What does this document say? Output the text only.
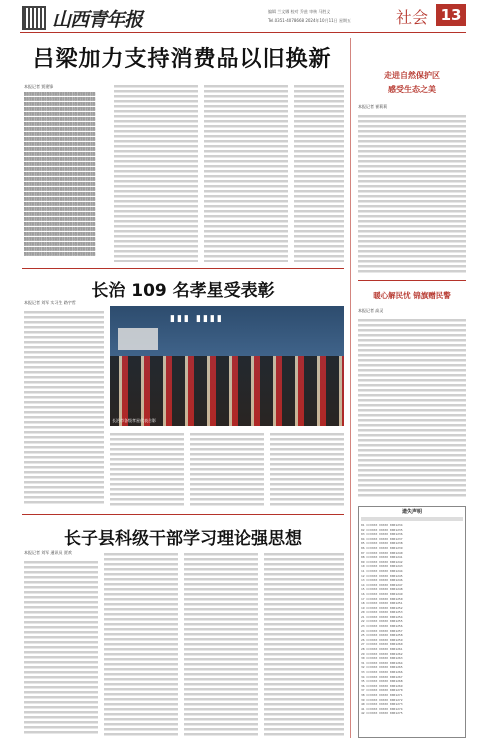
山西青年报	编辑 兰文娜 校对 乔兹 审核 马胜义
Tel.0351-4078668 2024年10月11日 星期五	社会 13
吕梁加力支持消费品以旧换新
本报记者 贾建锋
▒▒▒▒▒▒▒▒▒▒▒▒▒▒▒▒▒▒▒▒▒▒▒▒▒▒▒▒
▒▒▒▒▒▒▒▒▒▒▒▒▒▒▒▒▒▒▒▒▒▒▒▒▒▒▒▒
▒▒▒▒▒▒▒▒▒▒▒▒▒▒▒▒▒▒▒▒▒▒▒▒▒▒▒▒
▒▒▒▒▒▒▒▒▒▒▒▒▒▒▒▒▒▒▒▒▒▒▒▒▒▒▒▒
▒▒▒▒▒▒▒▒▒▒▒▒▒▒▒▒▒▒▒▒▒▒▒▒▒▒▒▒
▒▒▒▒▒▒▒▒▒▒▒▒▒▒▒▒▒▒▒▒▒▒▒▒▒▒▒▒
▒▒▒▒▒▒▒▒▒▒▒▒▒▒▒▒▒▒▒▒▒▒▒▒▒▒▒▒
▒▒▒▒▒▒▒▒▒▒▒▒▒▒▒▒▒▒▒▒▒▒▒▒▒▒▒▒
▒▒▒▒▒▒▒▒▒▒▒▒▒▒▒▒▒▒▒▒▒▒▒▒▒▒▒▒
▒▒▒▒▒▒▒▒▒▒▒▒▒▒▒▒▒▒▒▒▒▒▒▒▒▒▒▒
▒▒▒▒▒▒▒▒▒▒▒▒▒▒▒▒▒▒▒▒▒▒▒▒▒▒▒▒
▒▒▒▒▒▒▒▒▒▒▒▒▒▒▒▒▒▒▒▒▒▒▒▒▒▒▒▒
▒▒▒▒▒▒▒▒▒▒▒▒▒▒▒▒▒▒▒▒▒▒▒▒▒▒▒▒
▒▒▒▒▒▒▒▒▒▒▒▒▒▒▒▒▒▒▒▒▒▒▒▒▒▒▒▒
▒▒▒▒▒▒▒▒▒▒▒▒▒▒▒▒▒▒▒▒▒▒▒▒▒▒▒▒
▒▒▒▒▒▒▒▒▒▒▒▒▒▒▒▒▒▒▒▒▒▒▒▒▒▒▒▒
▒▒▒▒▒▒▒▒▒▒▒▒▒▒▒▒▒▒▒▒▒▒▒▒▒▒▒▒
▒▒▒▒▒▒▒▒▒▒▒▒▒▒▒▒▒▒▒▒▒▒▒▒▒▒▒▒
▒▒▒▒▒▒▒▒▒▒▒▒▒▒▒▒▒▒▒▒▒▒▒▒▒▒▒▒
▒▒▒▒▒▒▒▒▒▒▒▒▒▒▒▒▒▒▒▒▒▒▒▒▒▒▒▒
▒▒▒▒▒▒▒▒▒▒▒▒▒▒▒▒▒▒▒▒▒▒▒▒▒▒▒▒
▒▒▒▒▒▒▒▒▒▒▒▒▒▒▒▒▒▒▒▒▒▒▒▒▒▒▒▒
▒▒▒▒▒▒▒▒▒▒▒▒▒▒▒▒▒▒▒▒▒▒▒▒▒▒▒▒
▒▒▒▒▒▒▒▒▒▒▒▒▒▒▒▒▒▒▒▒▒▒▒▒▒▒▒▒
▒▒▒▒▒▒▒▒▒▒▒▒▒▒▒▒▒▒▒▒▒▒▒▒▒▒▒▒
▒▒▒▒▒▒▒▒▒▒▒▒▒▒▒▒▒▒▒▒▒▒▒▒▒▒▒▒
▒▒▒▒▒▒▒▒▒▒▒▒▒▒▒▒▒▒▒▒▒▒▒▒▒▒▒▒
▒▒▒▒▒▒▒▒▒▒▒▒▒▒▒▒▒▒▒▒▒▒▒▒▒▒▒▒
▒▒▒▒▒▒▒▒▒▒▒▒▒▒▒▒▒▒▒▒▒▒▒▒▒▒▒▒
▒▒▒▒▒▒▒▒▒▒▒▒▒▒▒▒▒▒▒▒▒▒▒▒▒▒▒▒
▒▒▒▒▒▒▒▒▒▒▒▒▒▒▒▒▒▒▒▒▒▒▒▒▒▒▒▒
▒▒▒▒▒▒▒▒▒▒▒▒▒▒▒▒▒▒▒▒▒▒▒▒▒▒▒▒
▒▒▒▒▒▒▒▒▒▒▒▒▒▒▒▒▒▒▒▒▒▒▒▒▒▒▒▒
长治 109 名孝星受表彰
本报记者 刘军 实习生 路宇哲
▮▮▮ ▮▮▮▮
长治市各级孝星代表合影
长子县科级干部学习理论强思想
本报记者 刘军 通讯员 贾欢
走进自然保护区
感受生态之美
本报记者 崔莉莉
暖心解民忧 锦旗赠民警
本报记者 高灵
遗失声明
01 CCXXXX XXXXX 0001234
02 CCXXXX XXXXX 0001235
03 CCXXXX XXXXX 0001236
04 CCXXXX XXXXX 0001237
05 CCXXXX XXXXX 0001238
06 CCXXXX XXXXX 0001239
07 CCXXXX XXXXX 0001240
08 CCXXXX XXXXX 0001241
09 CCXXXX XXXXX 0001242
10 CCXXXX XXXXX 0001243
11 CCXXXX XXXXX 0001244
12 CCXXXX XXXXX 0001245
13 CCXXXX XXXXX 0001246
14 CCXXXX XXXXX 0001247
15 CCXXXX XXXXX 0001248
16 CCXXXX XXXXX 0001249
17 CCXXXX XXXXX 0001250
18 CCXXXX XXXXX 0001251
19 CCXXXX XXXXX 0001252
20 CCXXXX XXXXX 0001253
21 CCXXXX XXXXX 0001254
22 CCXXXX XXXXX 0001255
23 CCXXXX XXXXX 0001256
24 CCXXXX XXXXX 0001257
25 CCXXXX XXXXX 0001258
26 CCXXXX XXXXX 0001259
27 CCXXXX XXXXX 0001260
28 CCXXXX XXXXX 0001261
29 CCXXXX XXXXX 0001262
30 CCXXXX XXXXX 0001263
31 CCXXXX XXXXX 0001264
32 CCXXXX XXXXX 0001265
33 CCXXXX XXXXX 0001266
34 CCXXXX XXXXX 0001267
35 CCXXXX XXXXX 0001268
36 CCXXXX XXXXX 0001269
37 CCXXXX XXXXX 0001270
38 CCXXXX XXXXX 0001271
39 CCXXXX XXXXX 0001272
40 CCXXXX XXXXX 0001273
41 CCXXXX XXXXX 0001274
42 CCXXXX XXXXX 0001275
